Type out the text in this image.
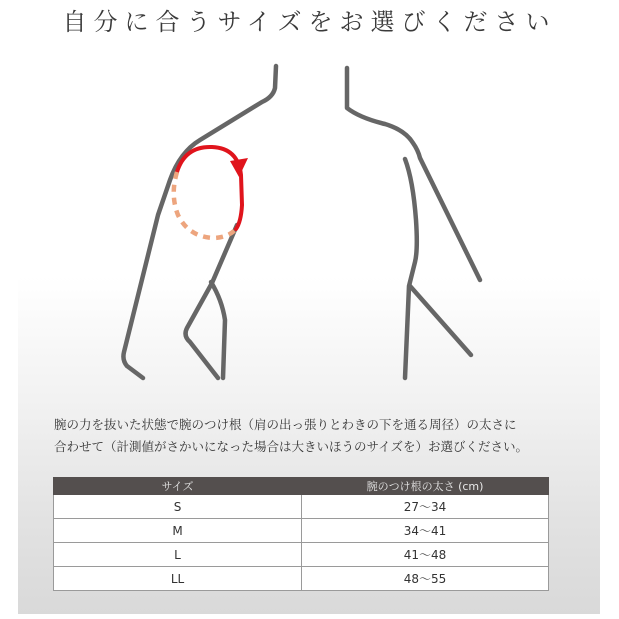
自分に合うサイズをお選びください

腕の力を抜いた状態で腕のつけ根（肩の出っ張りとわきの下を通る周径）の太さに

合わせて（計測値がさかいになった場合は大きいほうのサイズを）お選びください。

サイズ	腕のつけ根の太さ (cm)
S	27〜34
M	34〜41
L	41〜48
LL	48〜55
